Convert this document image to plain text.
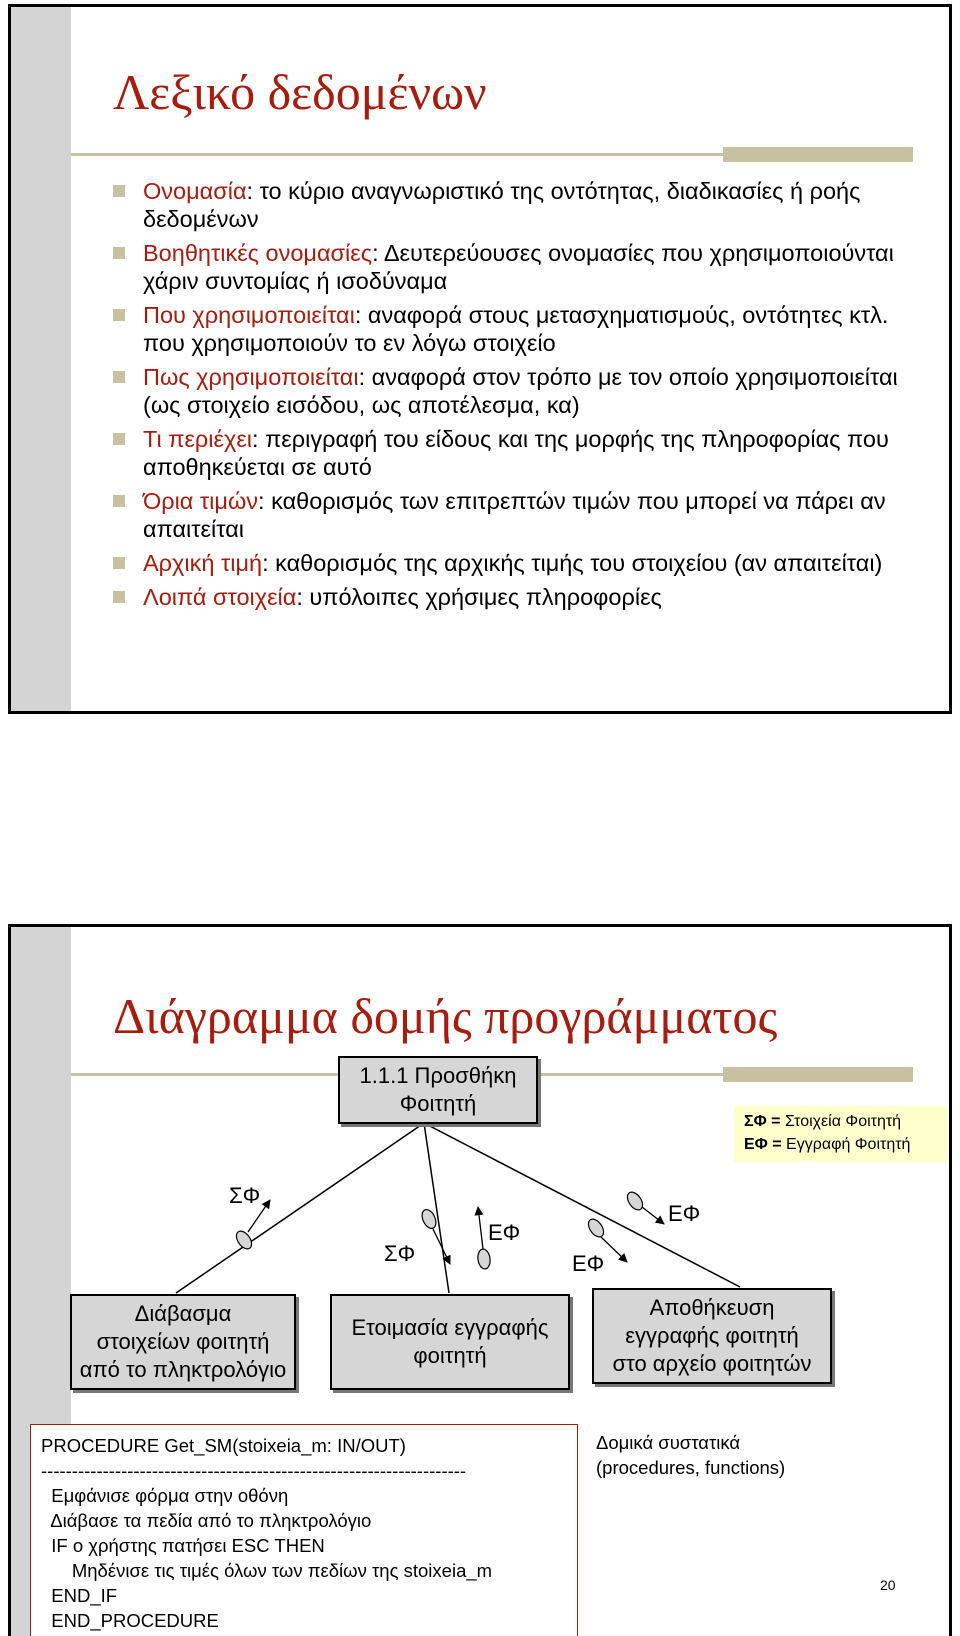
Λεξικό δεδομένων
Ονομασία: το κύριο αναγνωριστικό της οντότητας, διαδικασίες ή ροής δεδομένων
Βοηθητικές ονομασίες: Δευτερεύουσες ονομασίες που χρησιμοποιούνται χάριν συντομίας ή ισοδύναμα
Που χρησιμοποιείται: αναφορά στους μετασχηματισμούς, οντότητες κτλ. που χρησιμοποιούν το εν λόγω στοιχείο
Πως χρησιμοποιείται: αναφορά στον τρόπο με τον οποίο χρησιμοποιείται (ως στοιχείο εισόδου, ως αποτέλεσμα, κα)
Τι περιέχει: περιγραφή του είδους και της μορφής της πληροφορίας που αποθηκεύεται σε αυτό
Όρια τιμών: καθορισμός των επιτρεπτών τιμών που μπορεί να πάρει αν απαιτείται
Αρχική τιμή: καθορισμός της αρχικής τιμής του στοιχείου (αν απαιτείται)
Λοιπά στοιχεία: υπόλοιπες χρήσιμες πληροφορίες
Διάγραμμα δομής προγράμματος
1.1.1 Προσθήκη
Φοιτητή
ΣΦ = Στοιχεία Φοιτητή
ΕΦ = Εγγραφή Φοιτητή
ΣΦ
ΣΦ
ΕΦ
ΕΦ
ΕΦ
Διάβασμα
στοιχείων φοιτητή
από το πληκτρολόγιο
Ετοιμασία εγγραφής
φοιτητή
Αποθήκευση
εγγραφής φοιτητή
στο αρχείο φοιτητών
PROCEDURE Get_SM(stoixeia_m: IN/OUT)
---------------------------------------------------------------------
Εμφάνισε φόρμα στην οθόνη
Διάβασε τα πεδία από το πληκτρολόγιο
IF ο χρήστης πατήσει ESC THEN
Μηδένισε τις τιμές όλων των πεδίων της stoixeia_m
END_IF
END_PROCEDURE
Δομικά συστατικά
(procedures, functions)
20
